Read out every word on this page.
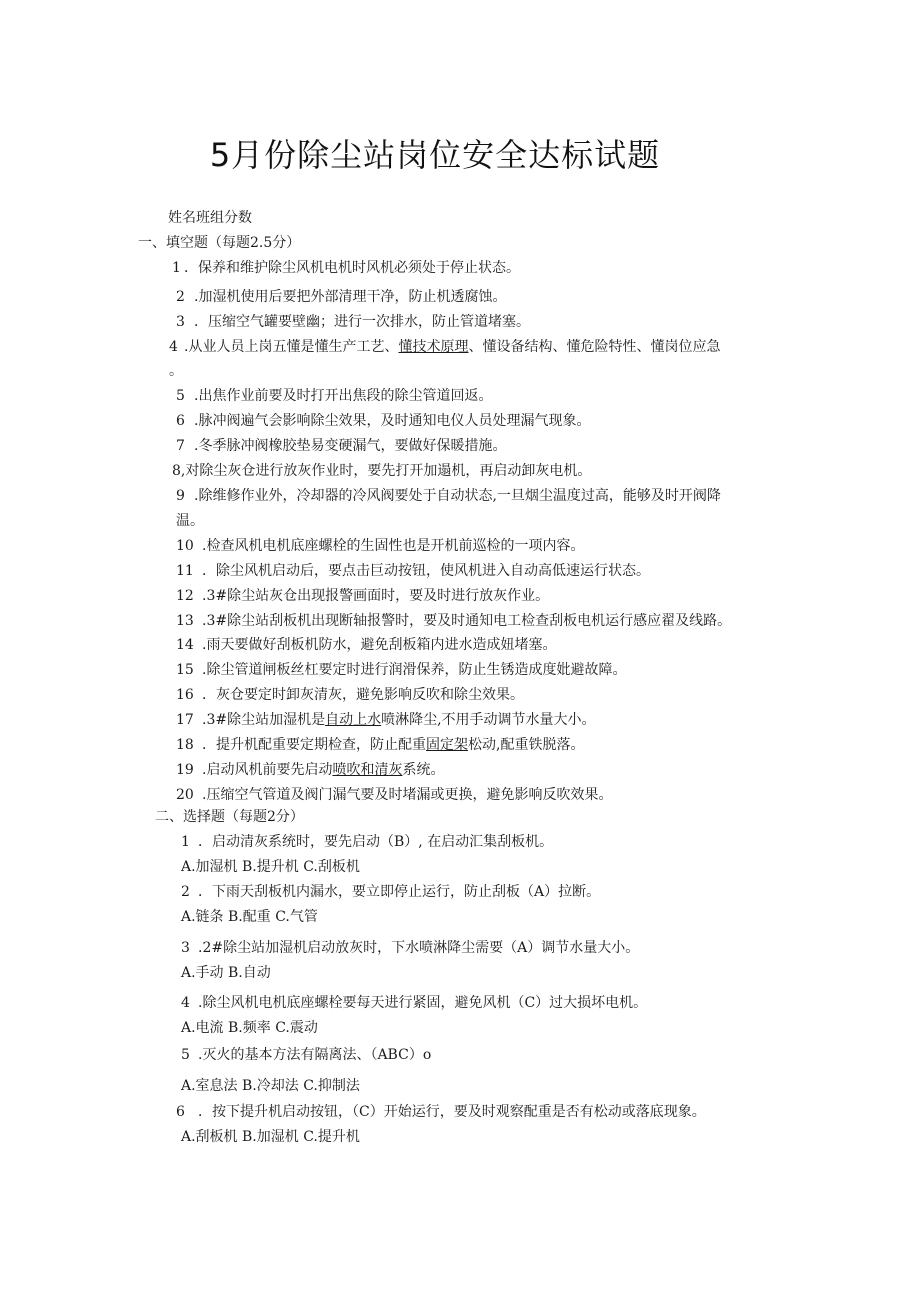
5月份除尘站岗位安全达标试题
姓名班组分数
一、填空题（每题2.5分）
1 ．保养和维护除尘风机电机时风机必须处于停止状态。
2 .加湿机使用后要把外部清理干净，防止机透腐蚀。
3 ．压缩空气罐要壁幽；进行一次排水，防止管道堵塞。
4 .从业人员上岗五懂是懂生产工艺、懂技术原理、懂设备结构、懂危险特性、懂岗位应急
。
5 .出焦作业前要及时打开出焦段的除尘管道回返。
6 .脉冲阀遍气会影响除尘效果，及时通知电仪人员处理漏气现象。
7 .冬季脉冲阀橡胶垫易变硬漏气，要做好保暖措施。
8,对除尘灰仓进行放灰作业时，要先打开加遢机，再启动卸灰电机。
9 .除维修作业外，冷却器的冷风阀要处于自动状态,一旦烟尘温度过高，能够及时开阀降
温。
10 .检查风机电机底座螺栓的生固性也是开机前巡检的一项内容。
11 ．除尘风机启动后，要点击巨动按钮，使风机进入自动高低速运行状态。
12 .3#除尘站灰仓出现报警画面时，要及时进行放灰作业。
13 .3#除尘站刮板机出现断轴报警时，要及时通知电工检查刮板电机运行感应翟及线路。
14 .雨天要做好刮板机防水，避免刮板箱内进水造成妞堵塞。
15 .除尘管道闸板丝杠要定时进行润滑保养，防止生锈造成度妣避故障。
16 ．灰仓要定时卸灰清灰，避免影响反吹和除尘效果。
17 .3#除尘站加湿机是自动上水喷淋降尘,不用手动调节水量大小。
18 ．提升机配重要定期检查，防止配重固定架松动,配重铁脱落。
19 .启动风机前要先启动喷吹和清灰系统。
20 .压缩空气管道及阀门漏气要及时堵漏或更换，避免影响反吹效果。
二、选择题（每题2分）
1 ．启动清灰系统时，要先启动（B）, 在启动汇集刮板机。
A.加湿机 B.提升机 C.刮板机
2 ．下雨天刮板机内漏水，要立即停止运行，防止刮板（A）拉断。
A.链条 B.配重 C.气管
3 .2#除尘站加湿机启动放灰时，下水喷淋降尘需要（A）调节水量大小。
A.手动 B.自动
4 .除尘风机电机底座螺栓要每天进行紧固，避免风机（C）过大损坏电机。
A.电流 B.频率 C.震动
5 .灭火的基本方法有隔离法、（ABC）o
A.室息法 B.冷却法 C.抑制法
6 ．按下提升机启动按钮，（C）开始运行，要及时观察配重是否有松动或落底现象。
A.刮板机 B.加湿机 C.提升机
